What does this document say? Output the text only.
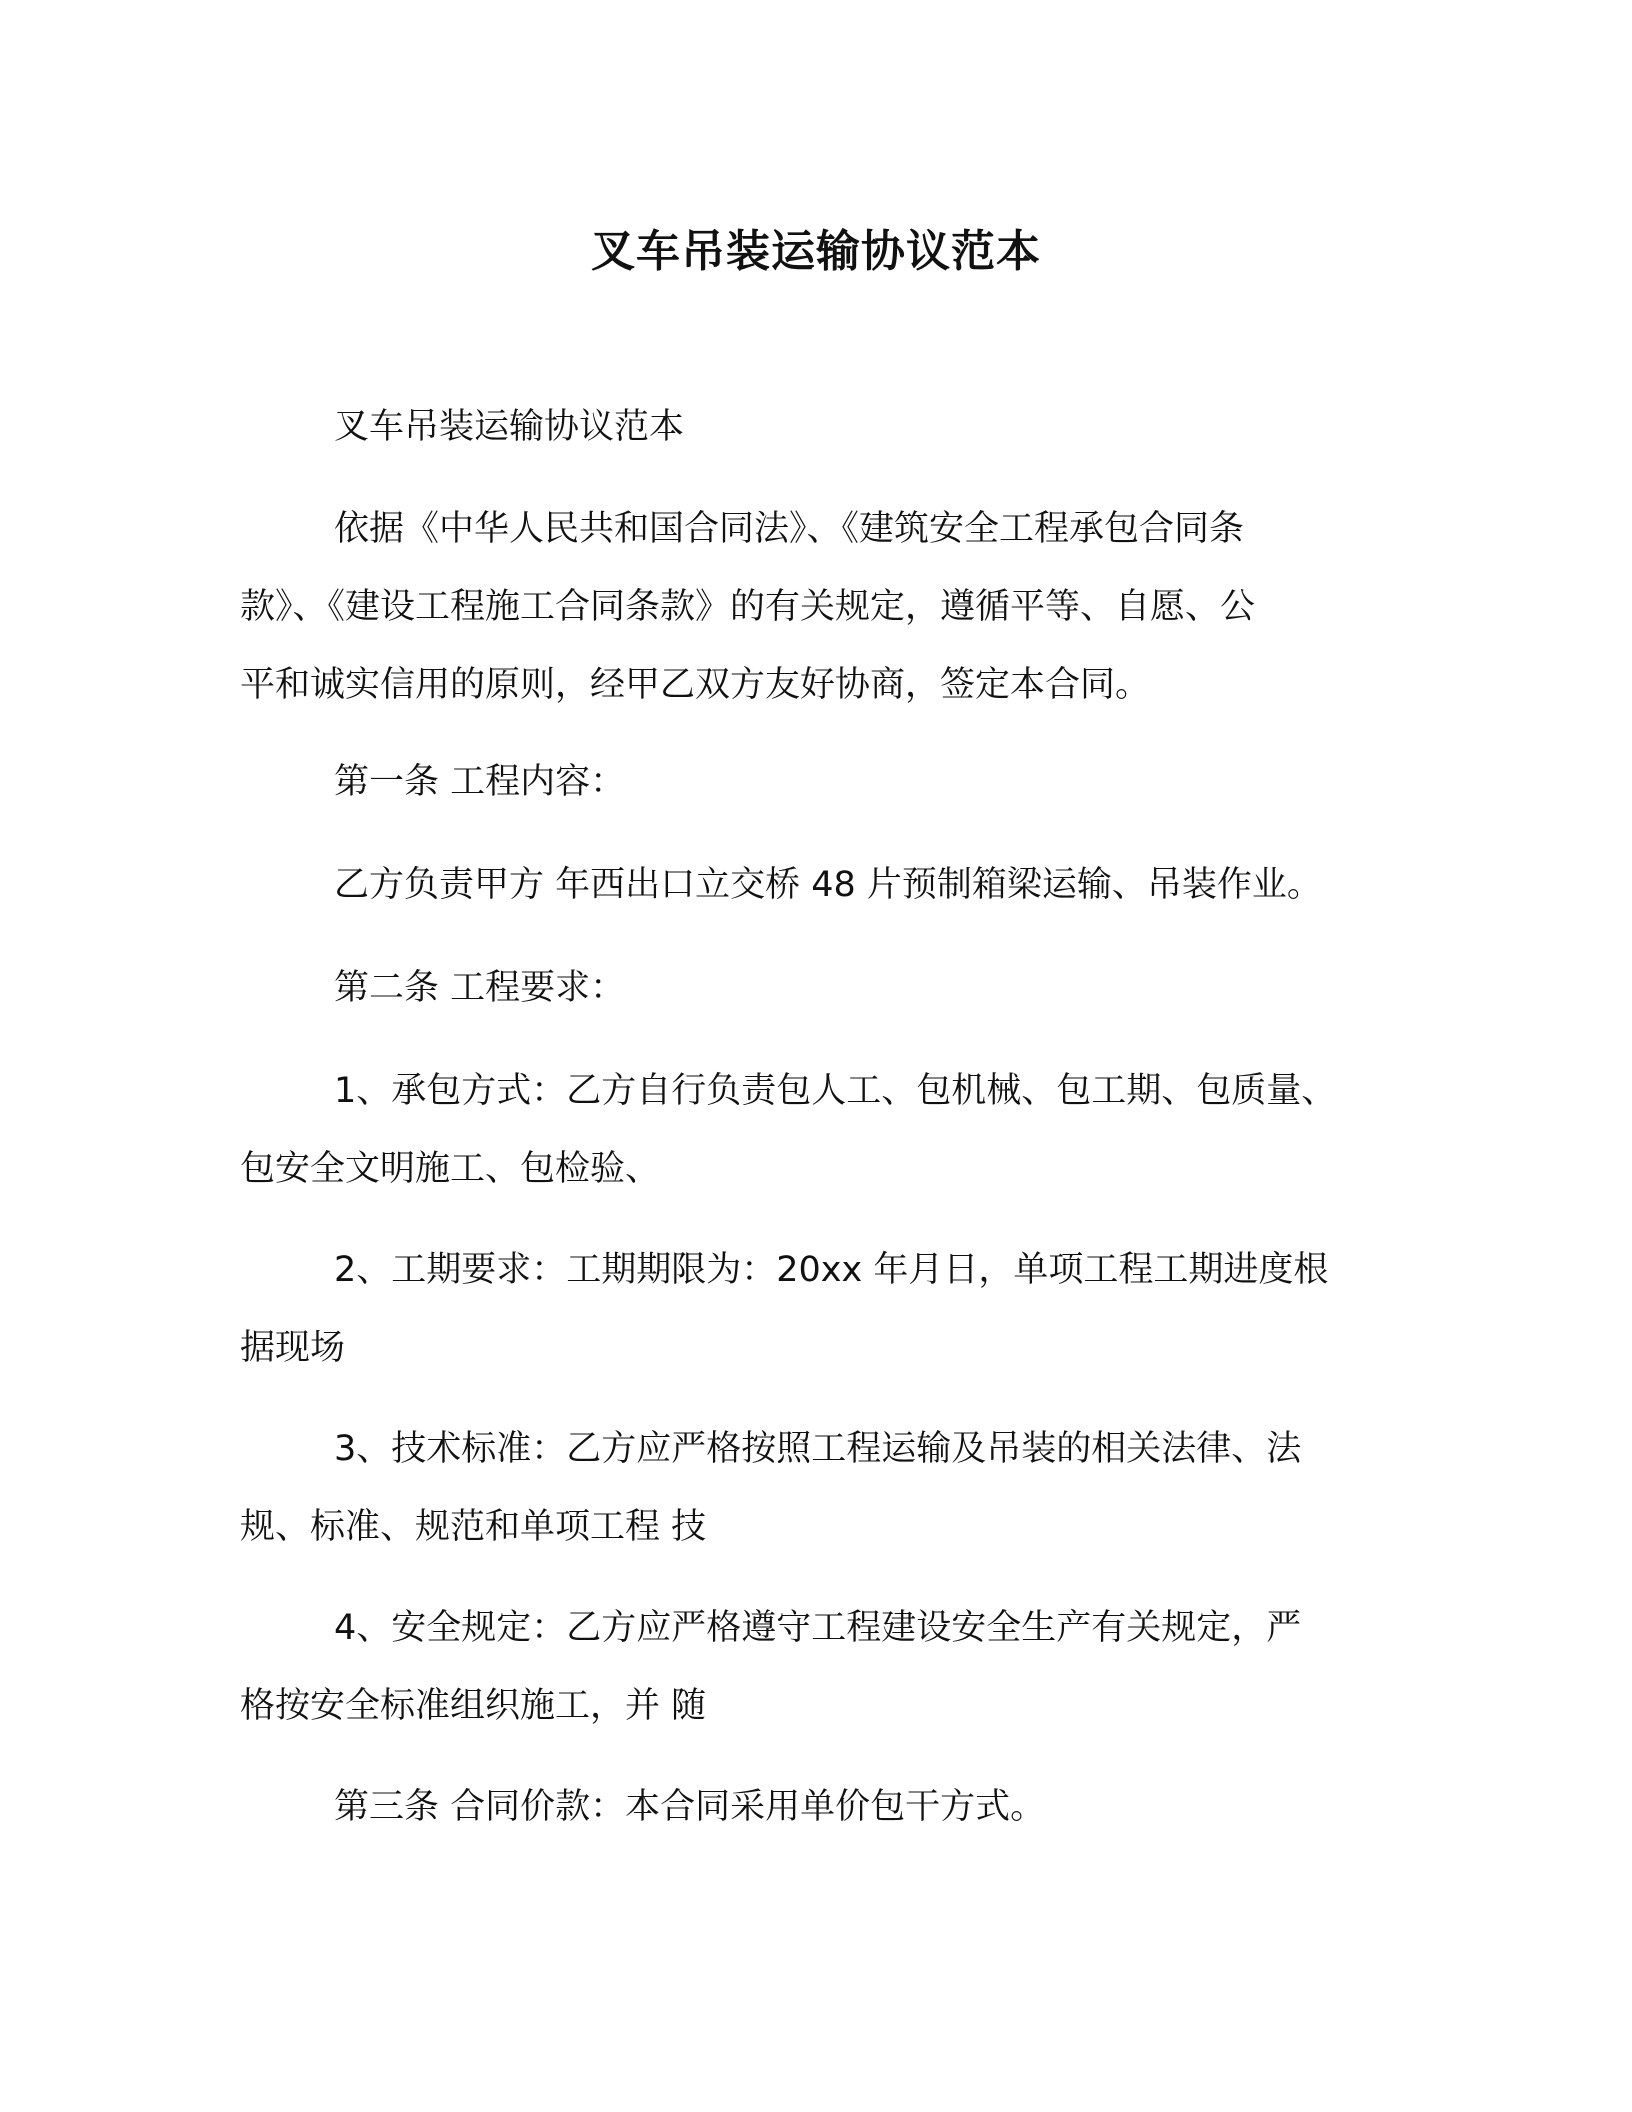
叉车吊装运输协议范本

叉车吊装运输协议范本

依据《中华人民共和国合同法》、《建筑安全工程承包合同条
款》、《建设工程施工合同条款》的有关规定，遵循平等、自愿、公
平和诚实信用的原则，经甲乙双方友好协商，签定本合同。

第一条 工程内容：

乙方负责甲方 年西出口立交桥 48 片预制箱梁运输、吊装作业。

第二条 工程要求：

1、承包方式：乙方自行负责包人工、包机械、包工期、包质量、
包安全文明施工、包检验、

2、工期要求：工期期限为：20xx 年月日，单项工程工期进度根
据现场

3、技术标准：乙方应严格按照工程运输及吊装的相关法律、法
规、标准、规范和单项工程 技

4、安全规定：乙方应严格遵守工程建设安全生产有关规定，严
格按安全标准组织施工，并 随

第三条 合同价款：本合同采用单价包干方式。
